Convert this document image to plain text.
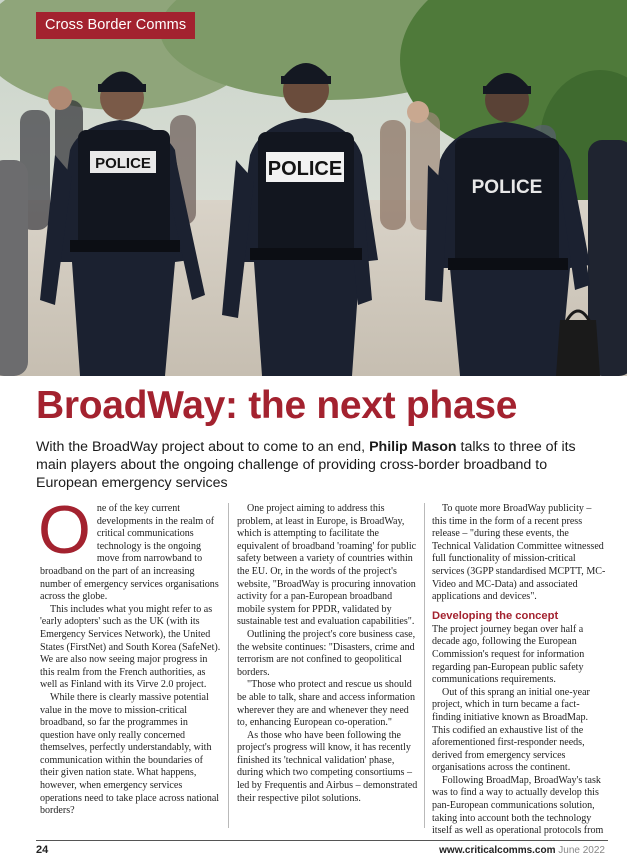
POLICE	POLICE
POLICE
Cross Border Comms
BroadWay: the next phase

With the BroadWay project about to come to an end, Philip Mason talks to three of its main players about the ongoing challenge of providing cross-border broadband to European emergency services

One of the key current developments in the realm of critical communications technology is the ongoing move from narrowband to broadband on the part of an increasing number of emergency services organisations across the globe.

This includes what you might refer to as 'early adopters' such as the UK (with its Emergency Services Network), the United States (FirstNet) and South Korea (SafeNet). We are also now seeing major progress in this realm from the French authorities, as well as Finland with its Virve 2.0 project.

While there is clearly massive potential value in the move to mission-critical broadband, so far the programmes in question have only really concerned themselves, perfectly understandably, with communication within the boundaries of their given nation state. What happens, however, when emergency services operations need to take place across national borders?

One project aiming to address this problem, at least in Europe, is BroadWay, which is attempting to facilitate the equivalent of broadband 'roaming' for public safety between a variety of countries within the EU. Or, in the words of the project's website, "BroadWay is procuring innovation activity for a pan-European broadband mobile system for PPDR, validated by sustainable test and evaluation capabilities".

Outlining the project's core business case, the website continues: "Disasters, crime and terrorism are not confined to geopolitical borders.

"Those who protect and rescue us should be able to talk, share and access information wherever they are and whenever they need to, enhancing European co-operation."

As those who have been following the project's progress will know, it has recently finished its 'technical validation' phase, during which two competing consortiums – led by Frequentis and Airbus – demonstrated their respective pilot solutions.

To quote more BroadWay publicity – this time in the form of a recent press release – "during these events, the Technical Validation Committee witnessed full functionality of mission-critical services (3GPP standardised MCPTT, MC-Video and MC-Data) and associated applications and devices".

Developing the concept

The project journey began over half a decade ago, following the European Commission's request for information regarding pan-European public safety communications requirements.

Out of this sprang an initial one-year project, which in turn became a fact-finding initiative known as BroadMap. This codified an exhaustive list of the aforementioned first-responder needs, derived from emergency services organisations across the continent.

Following BroadMap, BroadWay's task was to find a way to actually develop this pan-European communications solution, taking into account both the technology itself as well as operational protocols from

24	www.criticalcomms.com June 2022
